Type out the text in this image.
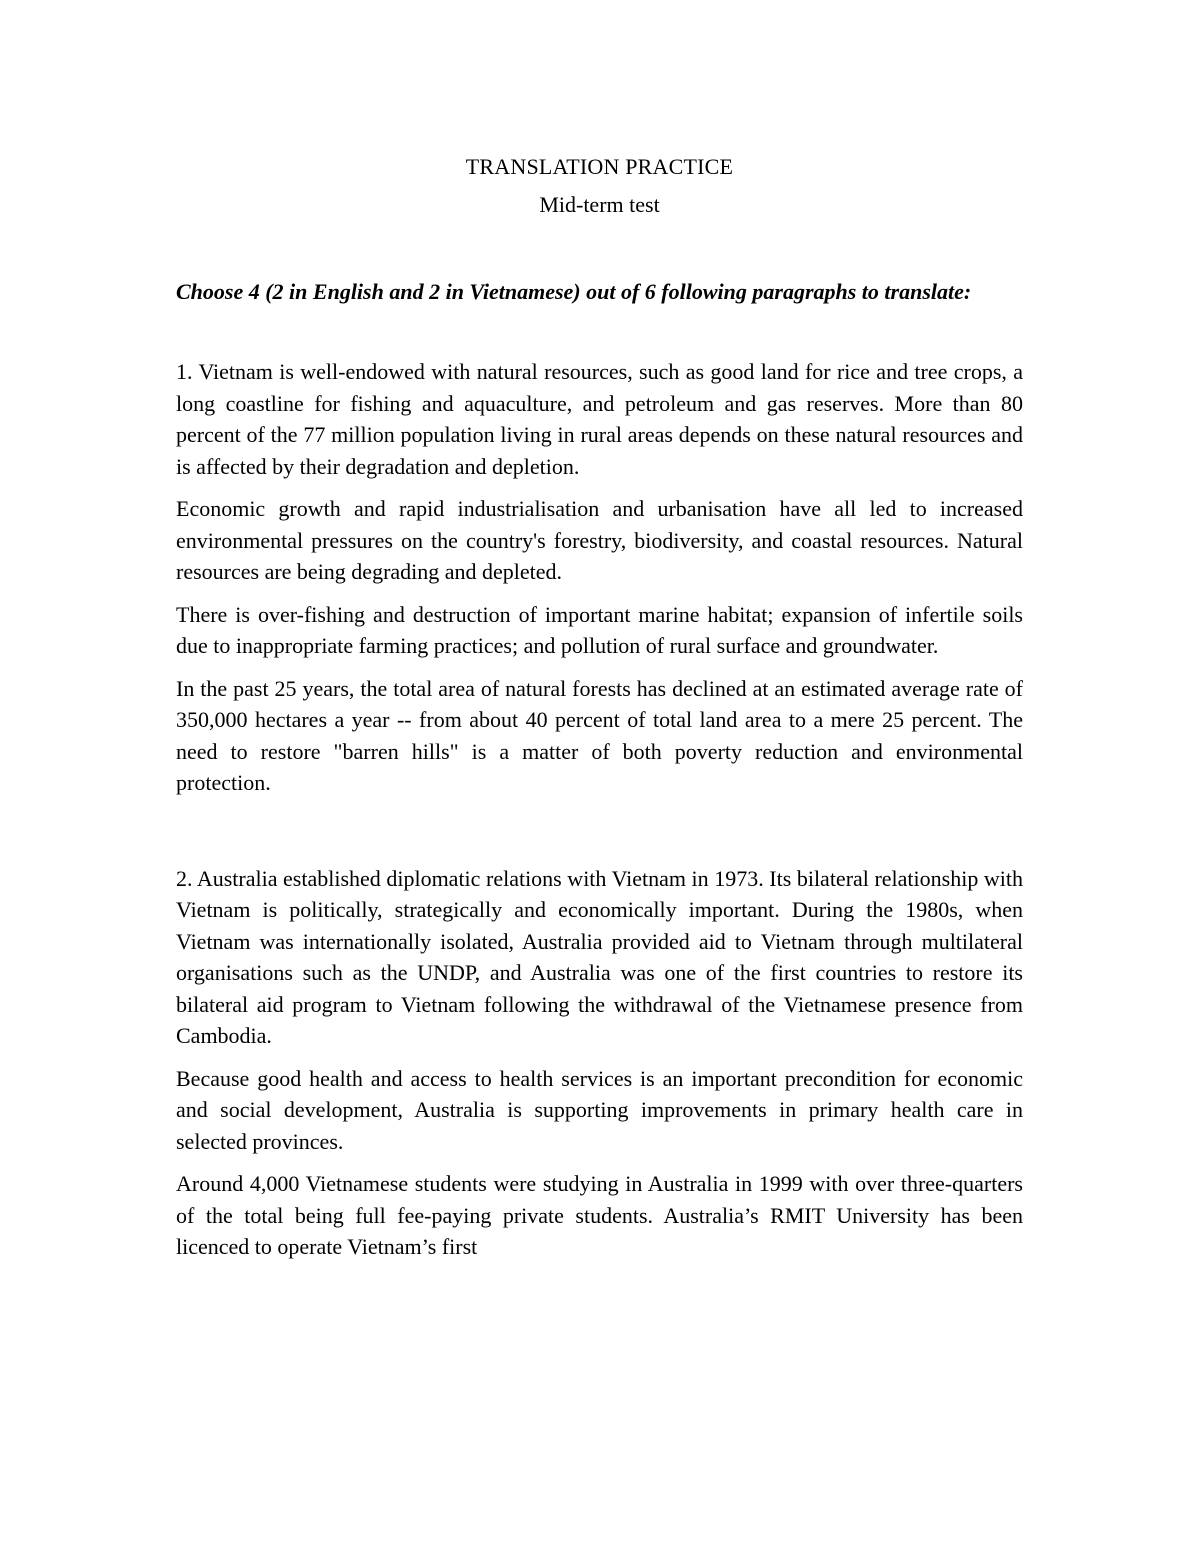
TRANSLATION PRACTICE

Mid-term test

Choose 4 (2 in English and 2 in Vietnamese) out of 6 following paragraphs to translate:

1. Vietnam is well-endowed with natural resources, such as good land for rice and tree crops, a long coastline for fishing and aquaculture, and petroleum and gas reserves. More than 80 percent of the 77 million population living in rural areas depends on these natural resources and is affected by their degradation and depletion.

Economic growth and rapid industrialisation and urbanisation have all led to increased environmental pressures on the country's forestry, biodiversity, and coastal resources. Natural resources are being degrading and depleted.

There is over-fishing and destruction of important marine habitat; expansion of infertile soils due to inappropriate farming practices; and pollution of rural surface and groundwater.

In the past 25 years, the total area of natural forests has declined at an estimated average rate of 350,000 hectares a year -- from about 40 percent of total land area to a mere 25 percent. The need to restore "barren hills" is a matter of both poverty reduction and environmental protection.

2. Australia established diplomatic relations with Vietnam in 1973. Its bilateral relationship with Vietnam is politically, strategically and economically important. During the 1980s, when Vietnam was internationally isolated, Australia provided aid to Vietnam through multilateral organisations such as the UNDP, and Australia was one of the first countries to restore its bilateral aid program to Vietnam following the withdrawal of the Vietnamese presence from Cambodia.

Because good health and access to health services is an important precondition for economic and social development, Australia is supporting improvements in primary health care in selected provinces.

Around 4,000 Vietnamese students were studying in Australia in 1999 with over three-quarters of the total being full fee-paying private students. Australia’s RMIT University has been licenced to operate Vietnam’s first
